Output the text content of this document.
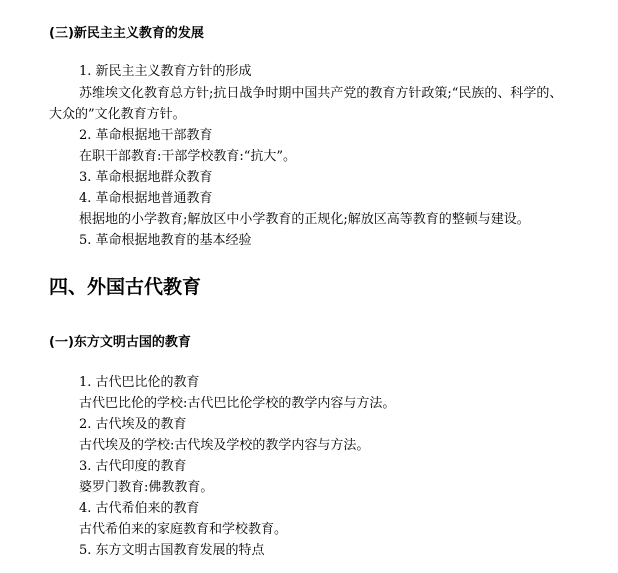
(三)新民主主义教育的发展
1. 新民主主义教育方针的形成
苏维埃文化教育总方针;抗日战争时期中国共产党的教育方针政策;“民族的、科学的、
大众的”文化教育方针。
2. 革命根据地干部教育
在职干部教育:干部学校教育:“抗大”。
3. 革命根据地群众教育
4. 革命根据地普通教育
根据地的小学教育;解放区中小学教育的正规化;解放区高等教育的整顿与建设。
5. 革命根据地教育的基本经验
四、外国古代教育
(一)东方文明古国的教育
1. 古代巴比伦的教育
古代巴比伦的学校:古代巴比伦学校的教学内容与方法。
2. 古代埃及的教育
古代埃及的学校:古代埃及学校的教学内容与方法。
3. 古代印度的教育
婆罗门教育:佛教教育。
4. 古代希伯来的教育
古代希伯来的家庭教育和学校教育。
5. 东方文明古国教育发展的特点
